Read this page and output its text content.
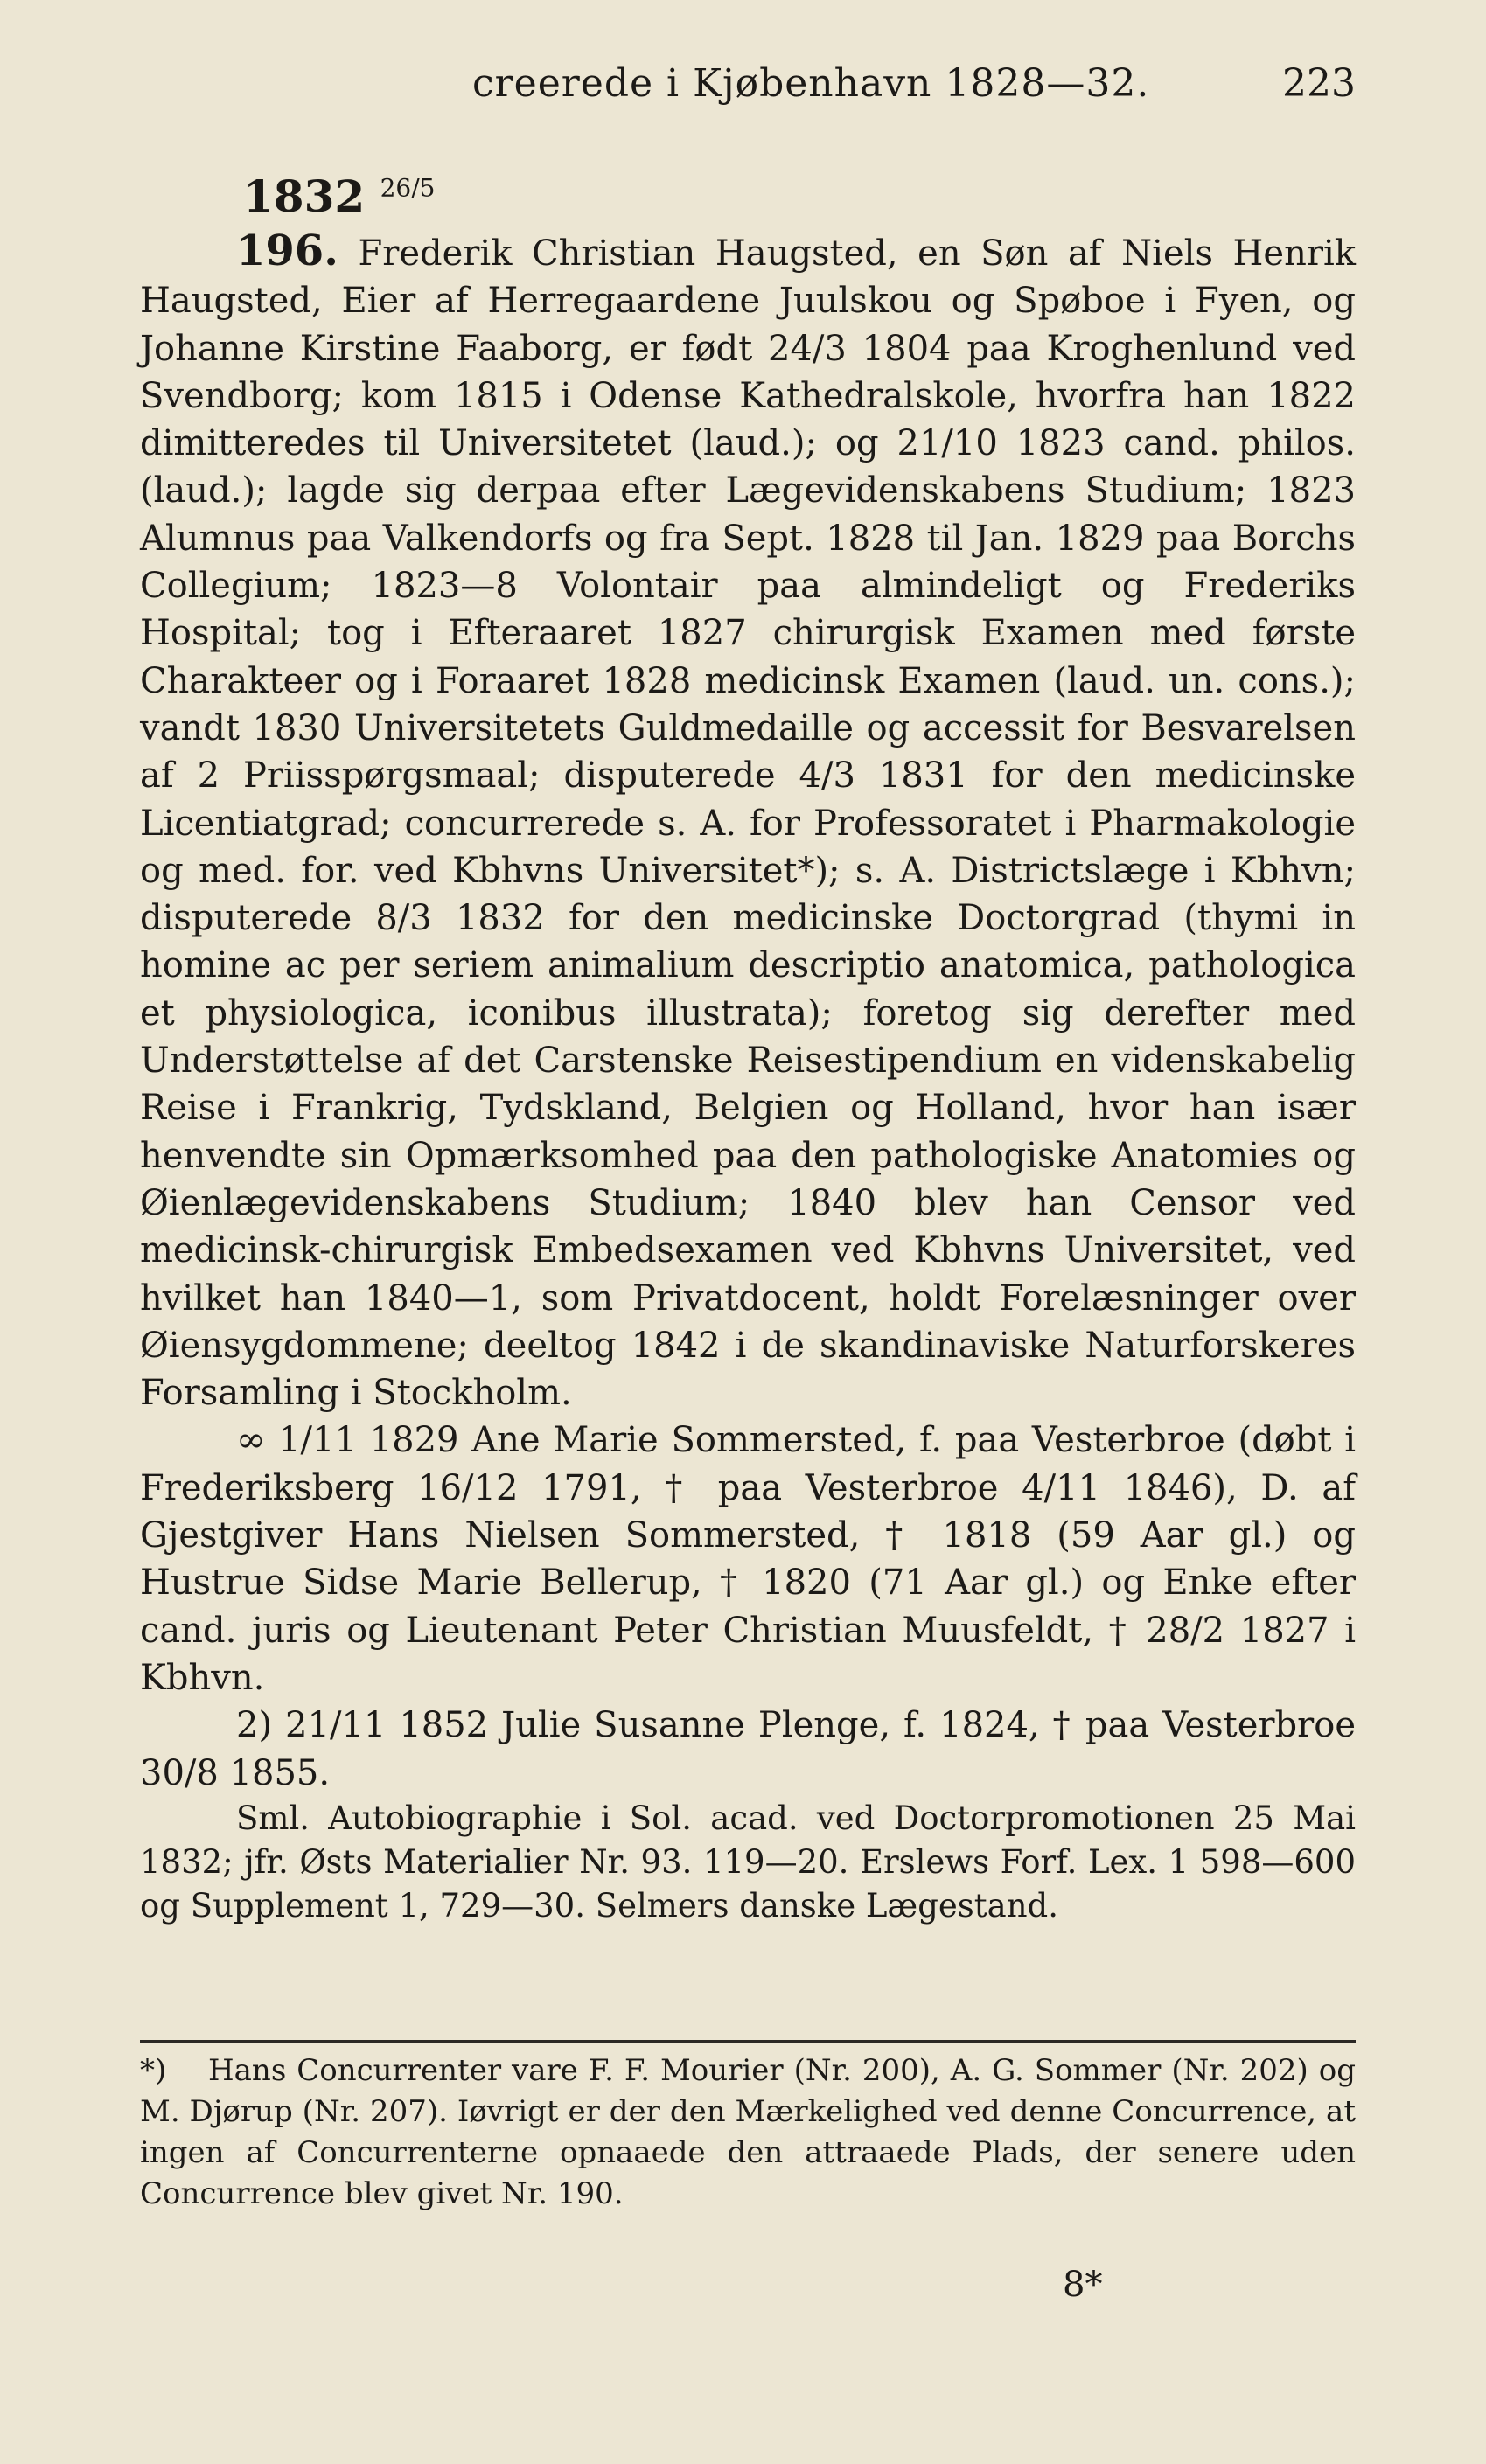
creerede i Kjøbenhavn 1828—32.	223
1832 $^{26/5}$

196. Frederik Christian Haugsted, en Søn af Niels Henrik Haugsted, Eier af Herregaardene Juulskou og Spøboe i Fyen, og Johanne Kirstine Faaborg, er født 24/3 1804 paa Kroghenlund ved Svendborg; kom 1815 i Odense Kathedralskole, hvorfra han 1822 dimitteredes til Universitetet (laud.); og 21/10 1823 cand. philos. (laud.); lagde sig derpaa efter Lægevidenskabens Studium; 1823 Alumnus paa Valkendorfs og fra Sept. 1828 til Jan. 1829 paa Borchs Collegium; 1823—8 Volontair paa almindeligt og Frederiks Hospital; tog i Efteraaret 1827 chirurgisk Examen med første Charakteer og i Foraaret 1828 medicinsk Examen (laud. un. cons.); vandt 1830 Universitetets Guldmedaille og accessit for Besvarelsen af 2 Priisspørgsmaal; disputerede 4/3 1831 for den medicinske Licentiatgrad; concurrerede s. A. for Professoratet i Pharmakologie og med. for. ved Kbhvns Universitet*); s. A. Districtslæge i Kbhvn; disputerede 8/3 1832 for den medicinske Doctorgrad (thymi in homine ac per seriem animalium descriptio anatomica, pathologica et physiologica, iconibus illustrata); foretog sig derefter med Understøttelse af det Carstenske Reisestipendium en videnskabelig Reise i Frankrig, Tydskland, Belgien og Holland, hvor han især henvendte sin Opmærksomhed paa den pathologiske Anatomies og Øienlægevidenskabens Studium; 1840 blev han Censor ved medicinsk-chirurgisk Embedsexamen ved Kbhvns Universitet, ved hvilket han 1840—1, som Privatdocent, holdt Forelæsninger over Øiensygdommene; deeltog 1842 i de skandinaviske Naturforskeres Forsamling i Stockholm.

∞ 1/11 1829 Ane Marie Sommersted, f. paa Vesterbroe (døbt i Frederiksberg 16/12 1791, † paa Vesterbroe 4/11 1846), D. af Gjestgiver Hans Nielsen Sommersted, † 1818 (59 Aar gl.) og Hustrue Sidse Marie Bellerup, † 1820 (71 Aar gl.) og Enke efter cand. juris og Lieutenant Peter Christian Muusfeldt, † 28/2 1827 i Kbhvn.

2) 21/11 1852 Julie Susanne Plenge, f. 1824, † paa Vesterbroe 30/8 1855.

Sml. Autobiographie i Sol. acad. ved Doctorpromotionen 25 Mai 1832; jfr. Østs Materialier Nr. 93. 119—20. Erslews Forf. Lex. 1 598—600 og Supplement 1, 729—30. Selmers danske Lægestand.

*) Hans Concurrenter vare F. F. Mourier (Nr. 200), A. G. Sommer (Nr. 202) og M. Djørup (Nr. 207). Iøvrigt er der den Mærkelighed ved denne Concurrence, at ingen af Concurrenterne opnaaede den attraaede Plads, der senere uden Concurrence blev givet Nr. 190.
8*
